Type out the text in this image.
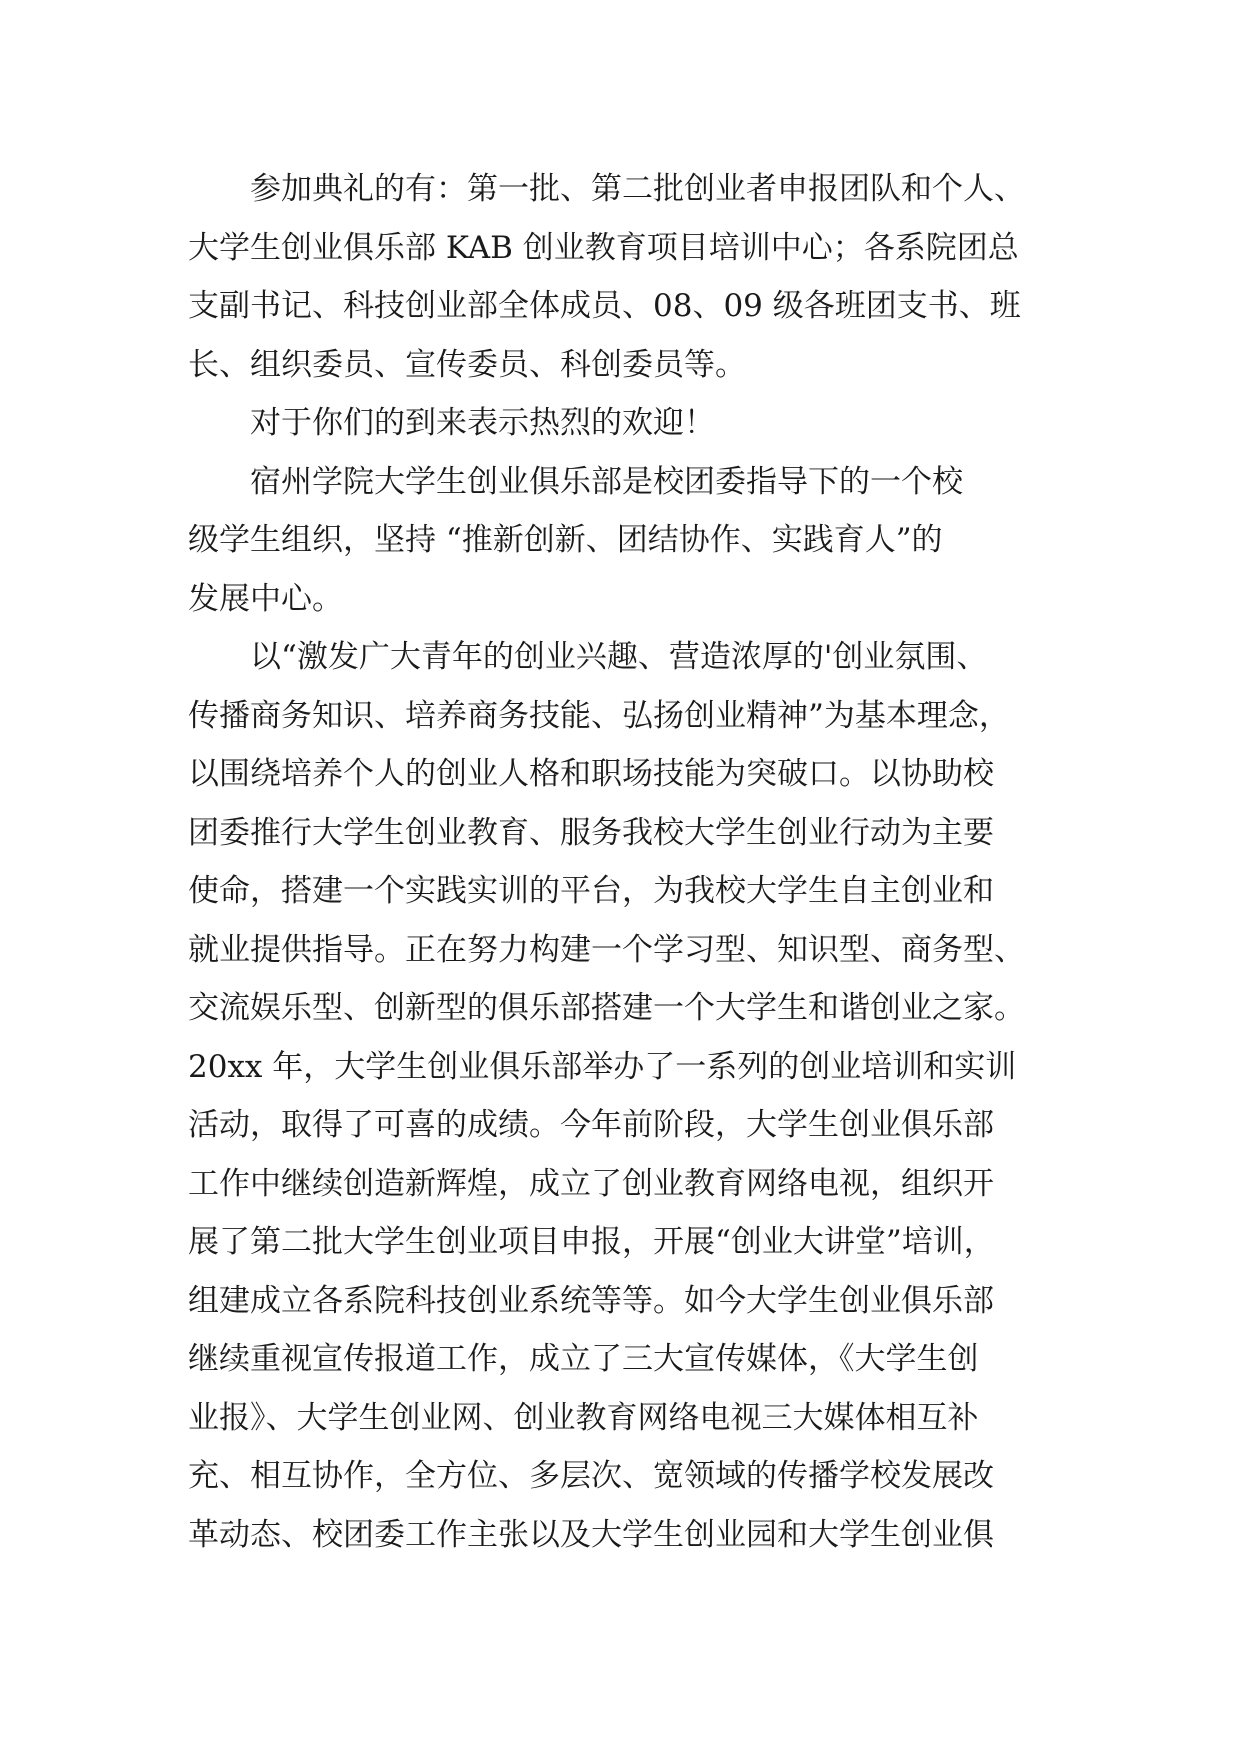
参加典礼的有：第一批、第二批创业者申报团队和个人、
大学生创业俱乐部 KAB 创业教育项目培训中心；各系院团总
支副书记、科技创业部全体成员、08、09 级各班团支书、班
长、组织委员、宣传委员、科创委员等。
对于你们的到来表示热烈的欢迎！
宿州学院大学生创业俱乐部是校团委指导下的一个校
级学生组织，坚持 “推新创新、团结协作、实践育人”的
发展中心。
以“激发广大青年的创业兴趣、营造浓厚的'创业氛围、
传播商务知识、培养商务技能、弘扬创业精神”为基本理念，
以围绕培养个人的创业人格和职场技能为突破口。以协助校
团委推行大学生创业教育、服务我校大学生创业行动为主要
使命，搭建一个实践实训的平台，为我校大学生自主创业和
就业提供指导。正在努力构建一个学习型、知识型、商务型、
交流娱乐型、创新型的俱乐部搭建一个大学生和谐创业之家。
20xx 年，大学生创业俱乐部举办了一系列的创业培训和实训
活动，取得了可喜的成绩。今年前阶段，大学生创业俱乐部
工作中继续创造新辉煌，成立了创业教育网络电视，组织开
展了第二批大学生创业项目申报，开展“创业大讲堂”培训，
组建成立各系院科技创业系统等等。如今大学生创业俱乐部
继续重视宣传报道工作，成立了三大宣传媒体，《大学生创
业报》、大学生创业网、创业教育网络电视三大媒体相互补
充、相互协作，全方位、多层次、宽领域的传播学校发展改
革动态、校团委工作主张以及大学生创业园和大学生创业俱
